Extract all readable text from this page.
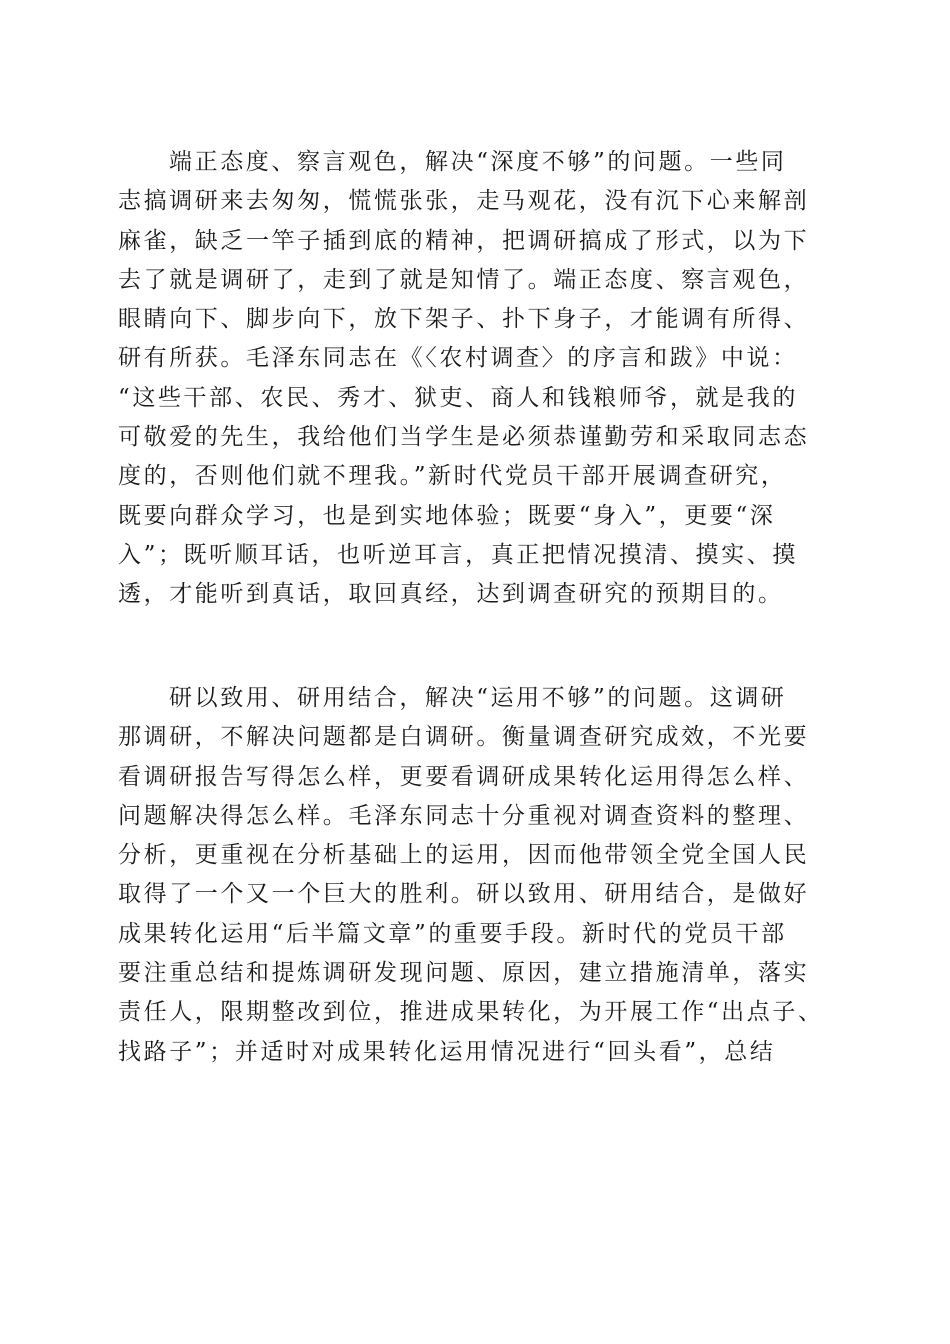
端正态度、察言观色，解决“深度不够”的问题。一些同
志搞调研来去匆匆，慌慌张张，走马观花，没有沉下心来解剖
麻雀，缺乏一竿子插到底的精神，把调研搞成了形式，以为下
去了就是调研了，走到了就是知情了。端正态度、察言观色，
眼睛向下、脚步向下，放下架子、扑下身子，才能调有所得、
研有所获。毛泽东同志在《〈农村调查〉的序言和跋》中说：
“这些干部、农民、秀才、狱吏、商人和钱粮师爷，就是我的
可敬爱的先生，我给他们当学生是必须恭谨勤劳和采取同志态
度的，否则他们就不理我。”新时代党员干部开展调查研究，
既要向群众学习，也是到实地体验；既要“身入”，更要“深
入”；既听顺耳话，也听逆耳言，真正把情况摸清、摸实、摸
透，才能听到真话，取回真经，达到调查研究的预期目的。
研以致用、研用结合，解决“运用不够”的问题。这调研
那调研，不解决问题都是白调研。衡量调查研究成效，不光要
看调研报告写得怎么样，更要看调研成果转化运用得怎么样、
问题解决得怎么样。毛泽东同志十分重视对调查资料的整理、
分析，更重视在分析基础上的运用，因而他带领全党全国人民
取得了一个又一个巨大的胜利。研以致用、研用结合，是做好
成果转化运用“后半篇文章”的重要手段。新时代的党员干部
要注重总结和提炼调研发现问题、原因，建立措施清单，落实
责任人，限期整改到位，推进成果转化，为开展工作“出点子、
找路子”；并适时对成果转化运用情况进行“回头看”，总结
